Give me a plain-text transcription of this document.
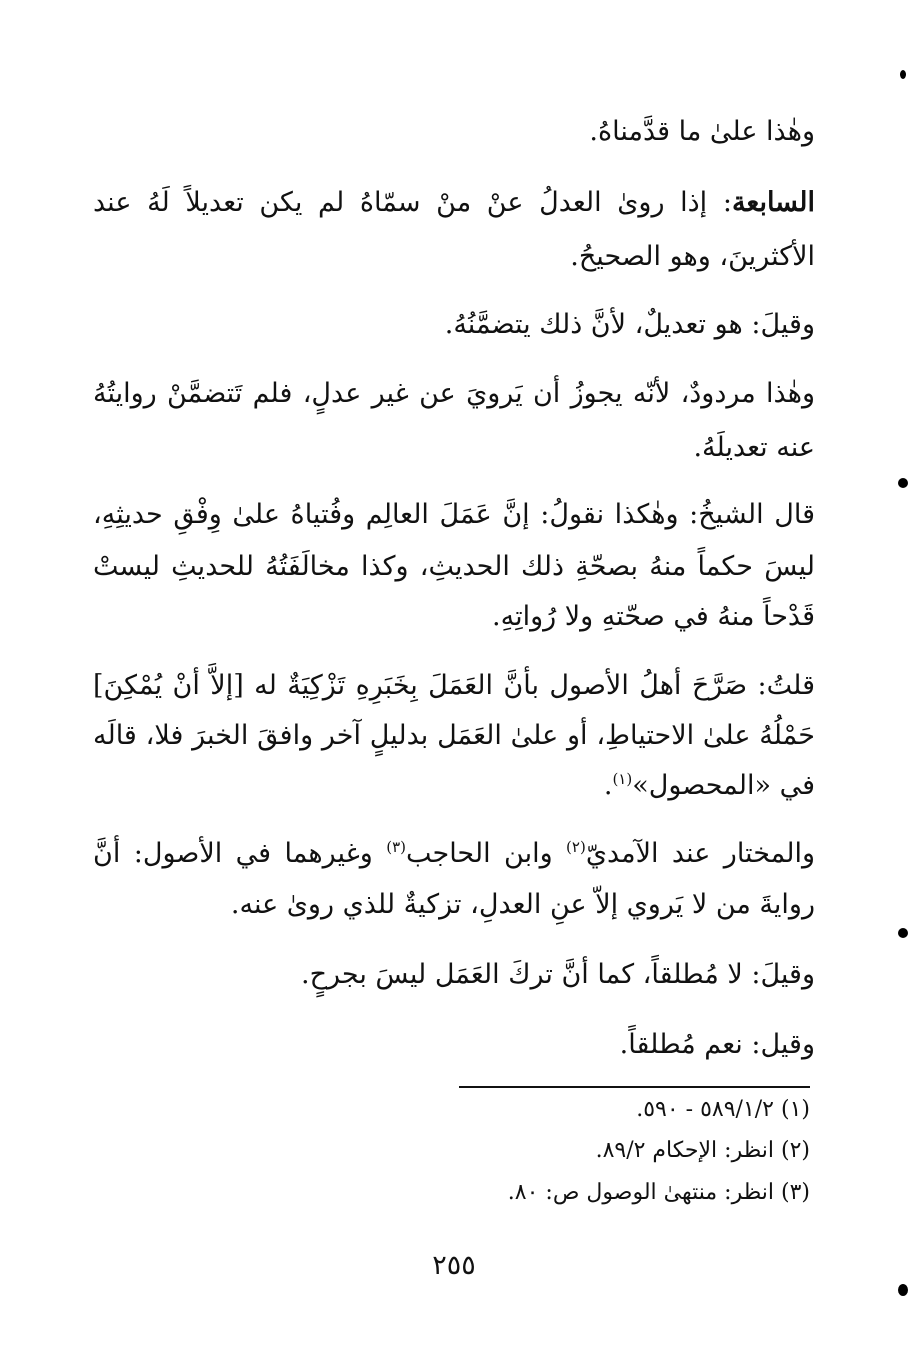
وهٰذا علىٰ ما قدَّمناهُ.
السابعة: إذا روىٰ العدلُ عنْ منْ سمّاهُ لم يكن تعديلاً لَهُ عند
الأكثرينَ، وهو الصحيحُ.
وقيلَ: هو تعديلٌ، لأنَّ ذلك يتضمَّنُهُ.
وهٰذا مردودٌ، لأنّه يجوزُ أن يَرويَ عن غير عدلٍ، فلم تَتضمَّنْ روايتُهُ
عنه تعديلَهُ.
قال الشيخُ: وهٰكذا نقولُ: إنَّ عَمَلَ العالِم وفُتياهُ علىٰ وِفْقِ حديثِهِ،
ليسَ حكماً منهُ بصحّةِ ذلك الحديثِ، وكذا مخالَفَتُهُ للحديثِ ليستْ
قَدْحاً منهُ في صحّتهِ ولا رُواتِهِ.
قلتُ: صَرَّحَ أهلُ الأصول بأنَّ العَمَلَ بِخَبَرِهِ تَزْكِيَةٌ له [إلاَّ أنْ يُمْكِنَ]
حَمْلُهُ علىٰ الاحتياطِ، أو علىٰ العَمَل بدليلٍ آخر وافقَ الخبرَ فلا، قالَه
في «المحصول»$^{(١)}$.
والمختار عند الآمديّ$^{(٢)}$ وابن الحاجب$^{(٣)}$ وغيرهما في الأصول: أنَّ
روايةَ من لا يَروي إلاّ عنِ العدلِ، تزكيةٌ للذي روىٰ عنه.
وقيلَ: لا مُطلقاً، كما أنَّ تركَ العَمَل ليسَ بجرحٍ.
وقيل: نعم مُطلقاً.
(١) ٥٨٩/١/٢ - ٥٩٠.
(٢) انظر: الإحكام ٨٩/٢.
(٣) انظر: منتهىٰ الوصول ص: ٨٠.
٢٥٥
